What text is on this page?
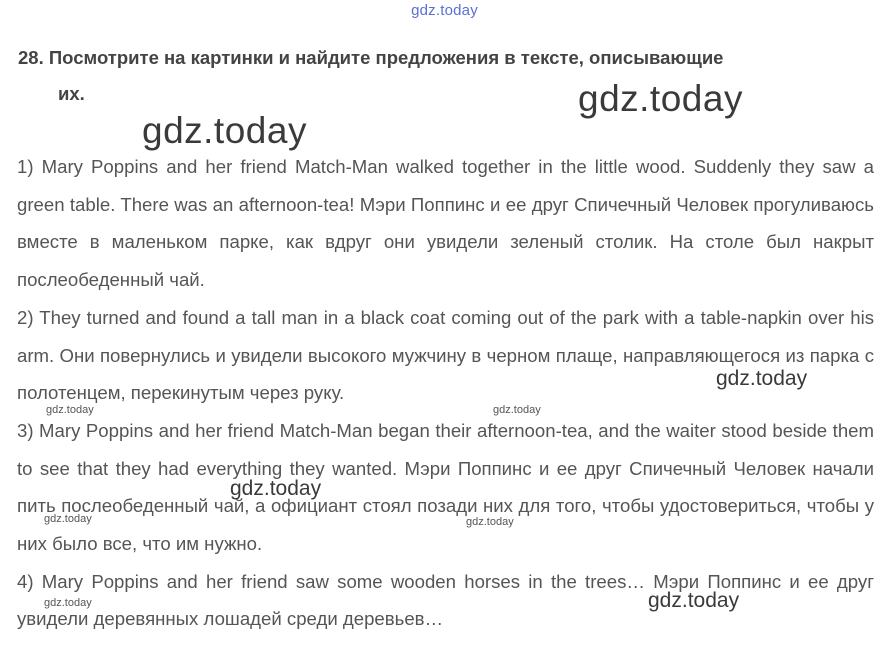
gdz.today
28. Посмотрите на картинки и найдите предложения в тексте, описывающие
их.

1) Mary Poppins and her friend Match-Man walked together in the little wood. Suddenly they saw a green table. There was an afternoon-tea! Мэри Поппинс и ее друг Спичечный Человек прогуливаюсь вместе в маленьком парке, как вдруг они увидели зеленый столик. На столе был накрыт послеобеденный чай.

2) They turned and found a tall man in a black coat coming out of the park with a table-napkin over his arm. Они повернулись и увидели высокого мужчину в черном плаще, направляющегося из парка с полотенцем, перекинутым через руку.

3) Mary Poppins and her friend Match-Man began their afternoon-tea, and the waiter stood beside them to see that they had everything they wanted. Мэри Поппинс и ее друг Спичечный Человек начали пить послеобеденный чай, а официант стоял позади них для того, чтобы удостовериться, чтобы у них было все, что им нужно.

4) Mary Poppins and her friend saw some wooden horses in the trees… Мэри Поппинс и ее друг увидели деревянных лошадей среди деревьев…

gdz.today
gdz.today
gdz.today
gdz.today
gdz.today
gdz.today	gdz.today
gdz.today	gdz.today
gdz.today
